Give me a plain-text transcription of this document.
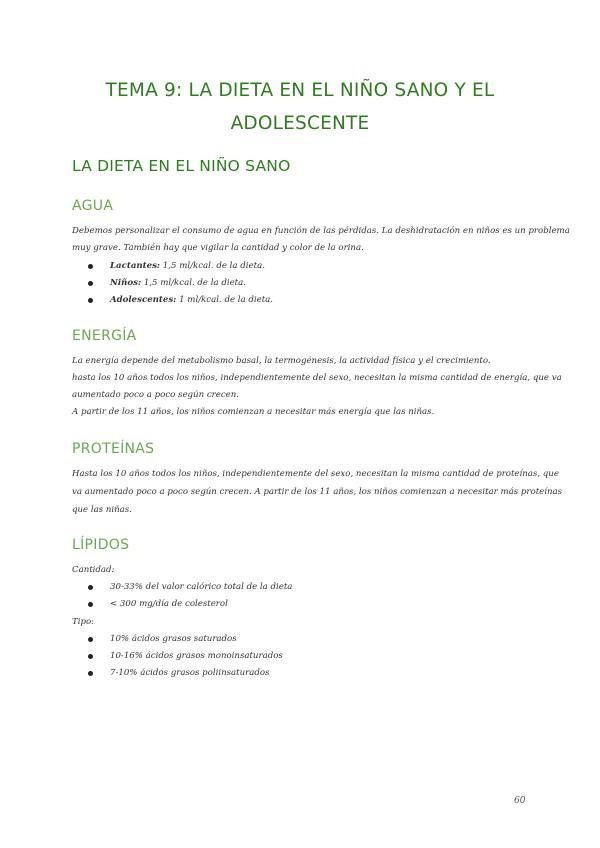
TEMA 9: LA DIETA EN EL NIÑO SANO Y EL
ADOLESCENTE
LA DIETA EN EL NIÑO SANO
AGUA

Debemos personalizar el consumo de agua en función de las pérdidas. La deshidratación en niños es un problema

muy grave. También hay que vigilar la cantidad y color de la orina.

Lactantes: 1,5 ml/kcal. de la dieta.
Niños: 1,5 ml/kcal. de la dieta.
Adolescentes: 1 ml/kcal. de la dieta.
ENERGÍA

La energía depende del metabolismo basal, la termogénesis, la actividad física y el crecimiento.

hasta los 10 años todos los niños, independientemente del sexo, necesitan la misma cantidad de energía, que va

aumentado poco a poco según crecen.

A partir de los 11 años, los niños comienzan a necesitar más energía que las niñas.

PROTEÍNAS

Hasta los 10 años todos los niños, independientemente del sexo, necesitan la misma cantidad de proteínas, que

va aumentado poco a poco según crecen. A partir de los 11 años, los niños comienzan a necesitar más proteínas

que las niñas.

LÍPIDOS

Cantidad:

30-33% del valor calórico total de la dieta
< 300 mg/día de colesterol

Tipo:

10% ácidos grasos saturados
10-16% ácidos grasos monoinsaturados
7-10% ácidos grasos poliinsaturados
60
